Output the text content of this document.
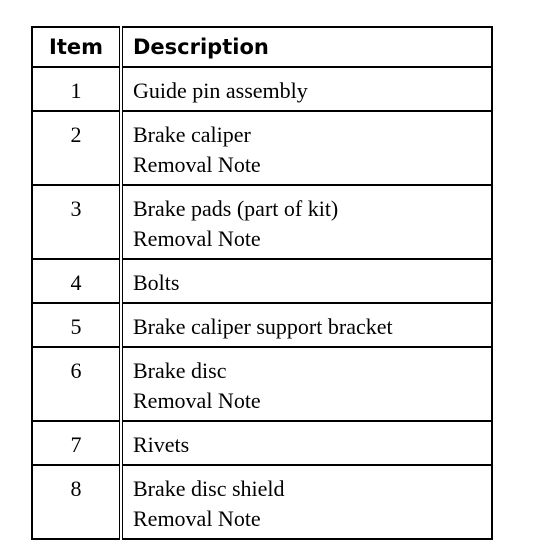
Item	Description
1	Guide pin assembly

2	Brake caliper
Removal Note

3	Brake pads (part of kit)
Removal Note

4	Bolts

5	Brake caliper support bracket

6	Brake disc
Removal Note

7	Rivets

8	Brake disc shield
Removal Note
